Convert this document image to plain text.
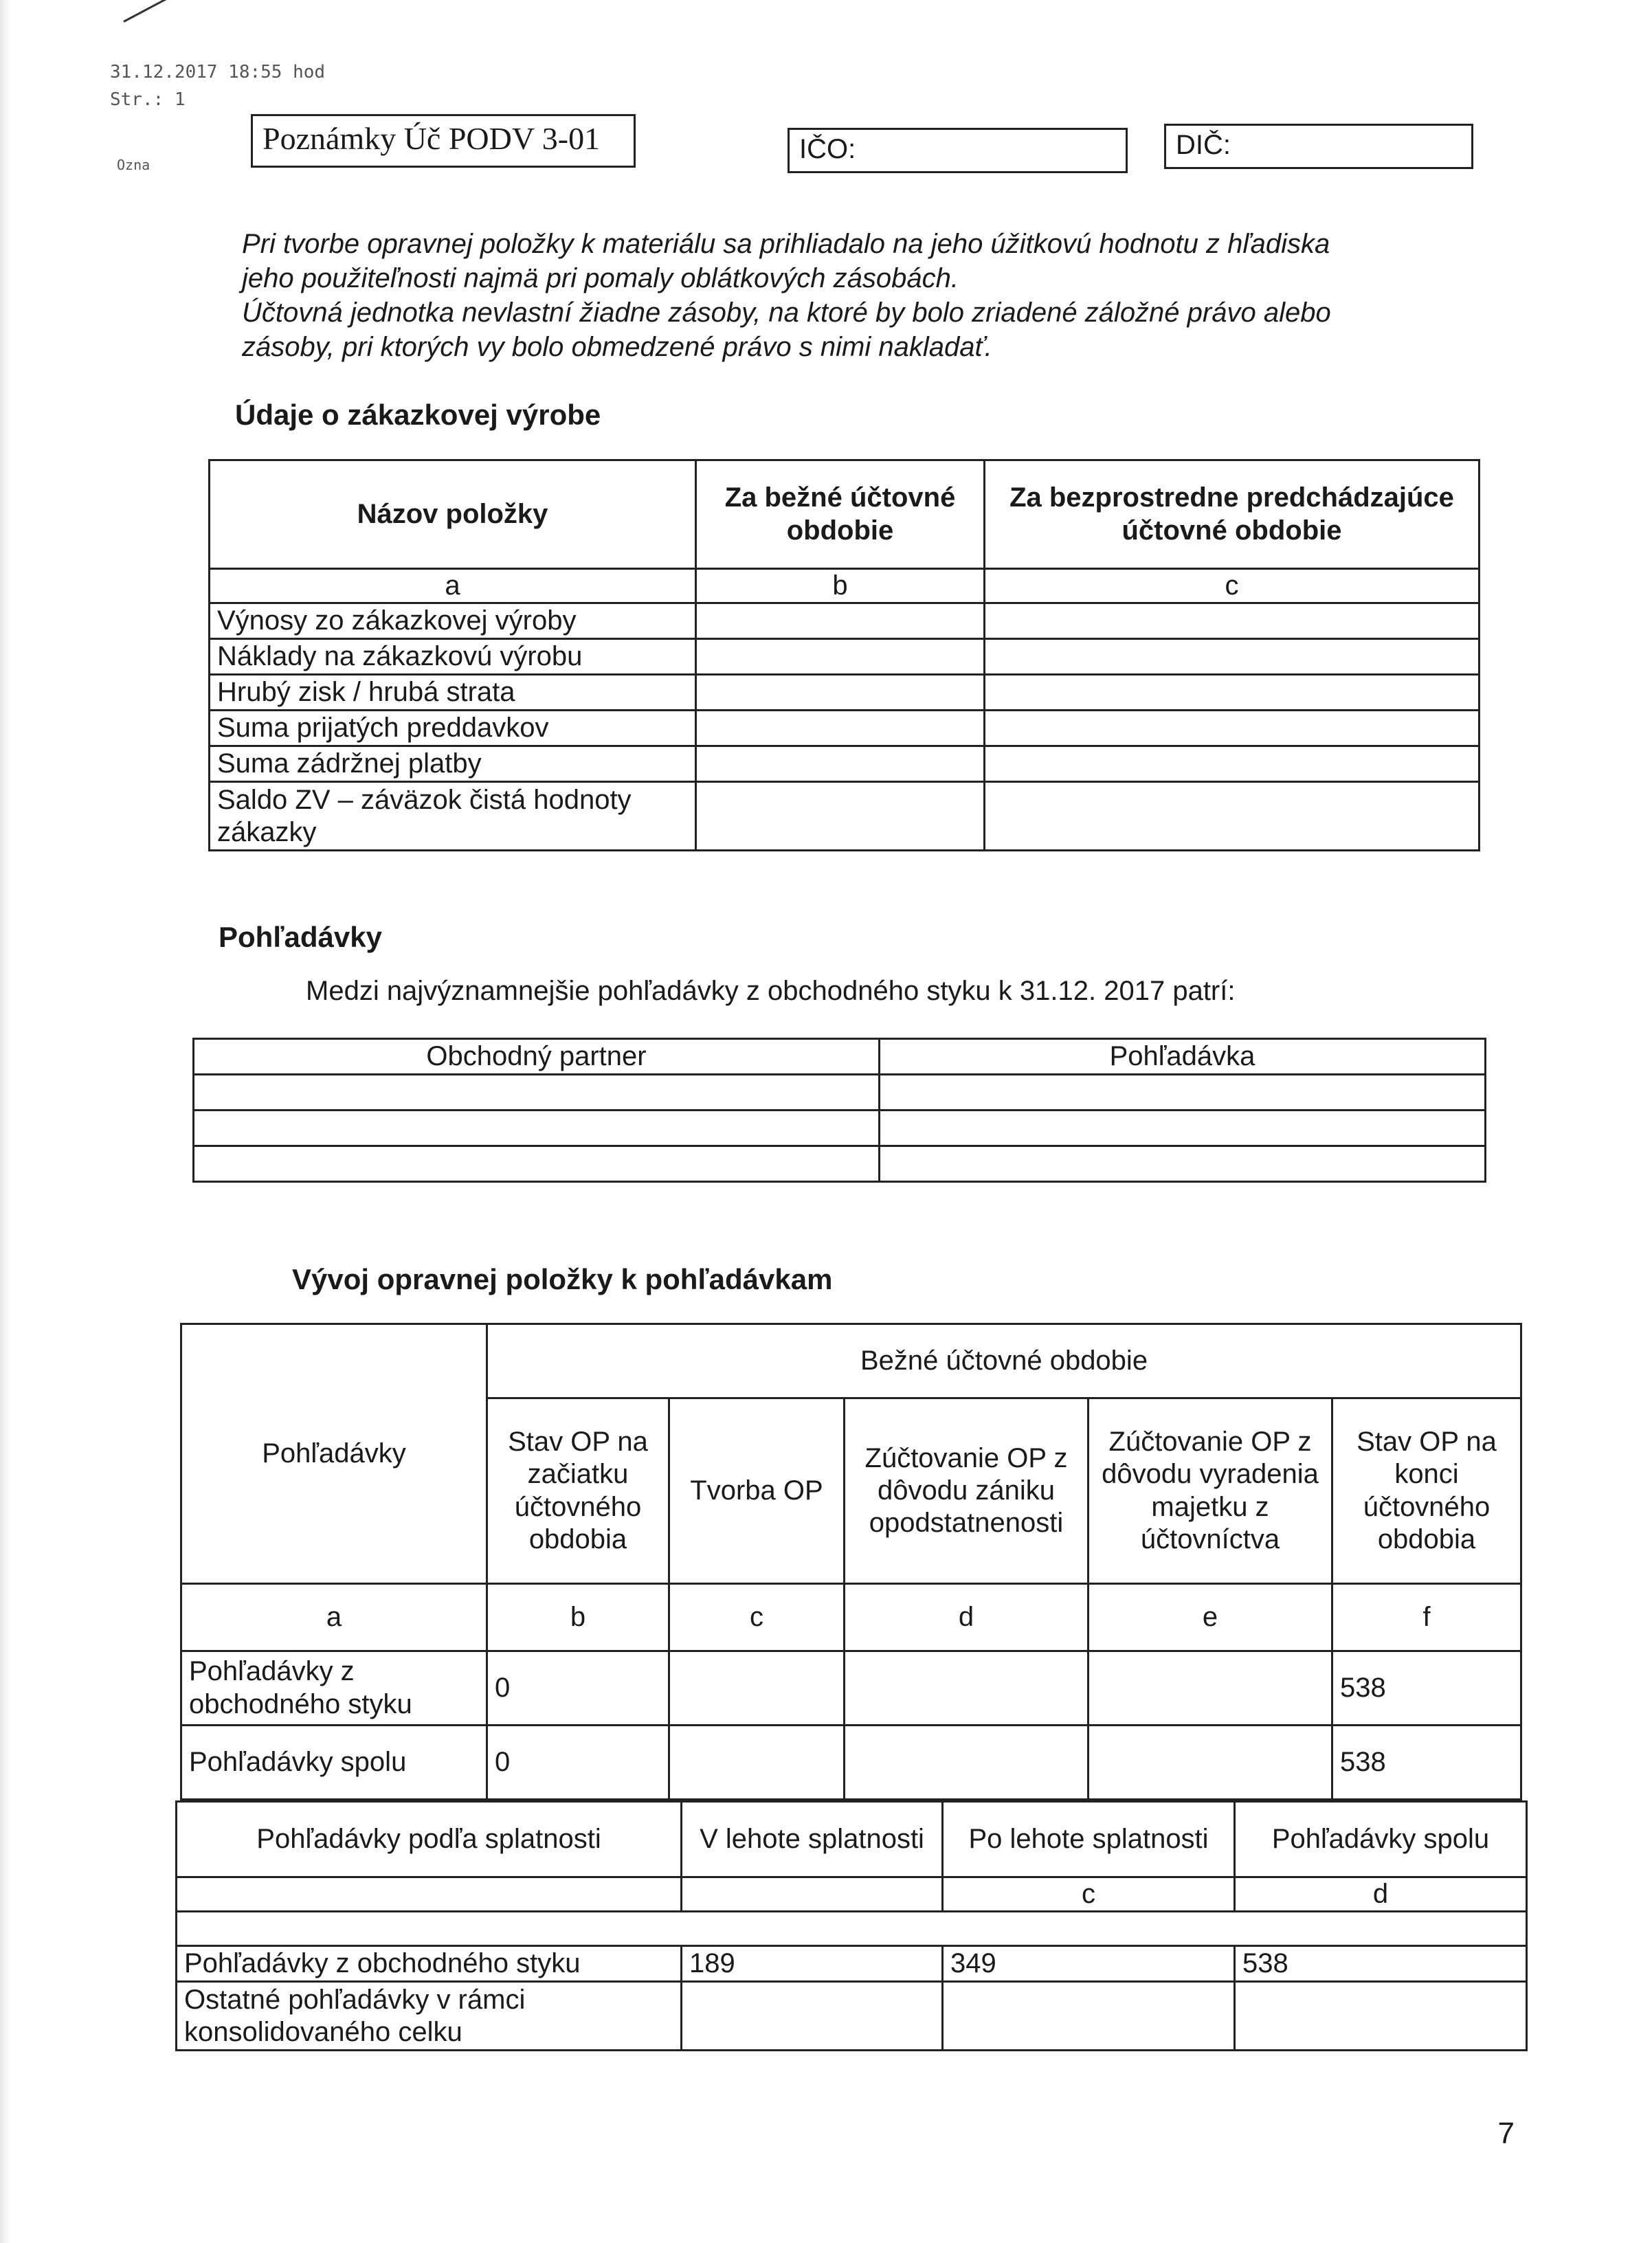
31.12.2017 18:55 hod
Str.: 1
Ozna
Poznámky Úč PODV 3-01	IČO:	DIČ:
Pri tvorbe opravnej položky k materiálu sa prihliadalo na jeho úžitkovú hodnotu z hľadiska
jeho použiteľnosti najmä pri pomaly oblátkových zásobách.
Účtovná jednotka nevlastní žiadne zásoby, na ktoré by bolo zriadené záložné právo alebo
zásoby, pri ktorých vy bolo obmedzené právo s nimi nakladať.
Údaje o zákazkovej výrobe
Názov položky	Za bežné účtovné obdobie	Za bezprostredne predchádzajúce účtovné obdobie
a	b	c
Výnosy zo zákazkovej výroby		
Náklady na zákazkovú výrobu		
Hrubý zisk / hrubá strata		
Suma prijatých preddavkov		
Suma zádržnej platby		
Saldo ZV – záväzok čistá hodnoty zákazky		
Pohľadávky
Medzi najvýznamnejšie pohľadávky z obchodného styku k 31.12. 2017 patrí:
Obchodný partner	Pohľadávka

Vývoj opravnej položky k pohľadávkam
Pohľadávky	Bežné účtovné obdobie				
	Stav OP na začiatku účtovného obdobia	Tvorba OP	Zúčtovanie OP z dôvodu zániku opodstatnenosti	Zúčtovanie OP z dôvodu vyradenia majetku z účtovníctva	Stav OP na konci účtovného obdobia
a	b	c	d	e	f
Pohľadávky z obchodného styku	0				538
Pohľadávky spolu	0				538
Pohľadávky podľa splatnosti	V lehote splatnosti	Po lehote splatnosti	Pohľadávky spolu
		c	d

Pohľadávky z obchodného styku	189	349	538
Ostatné pohľadávky v rámci konsolidovaného celku			
7
